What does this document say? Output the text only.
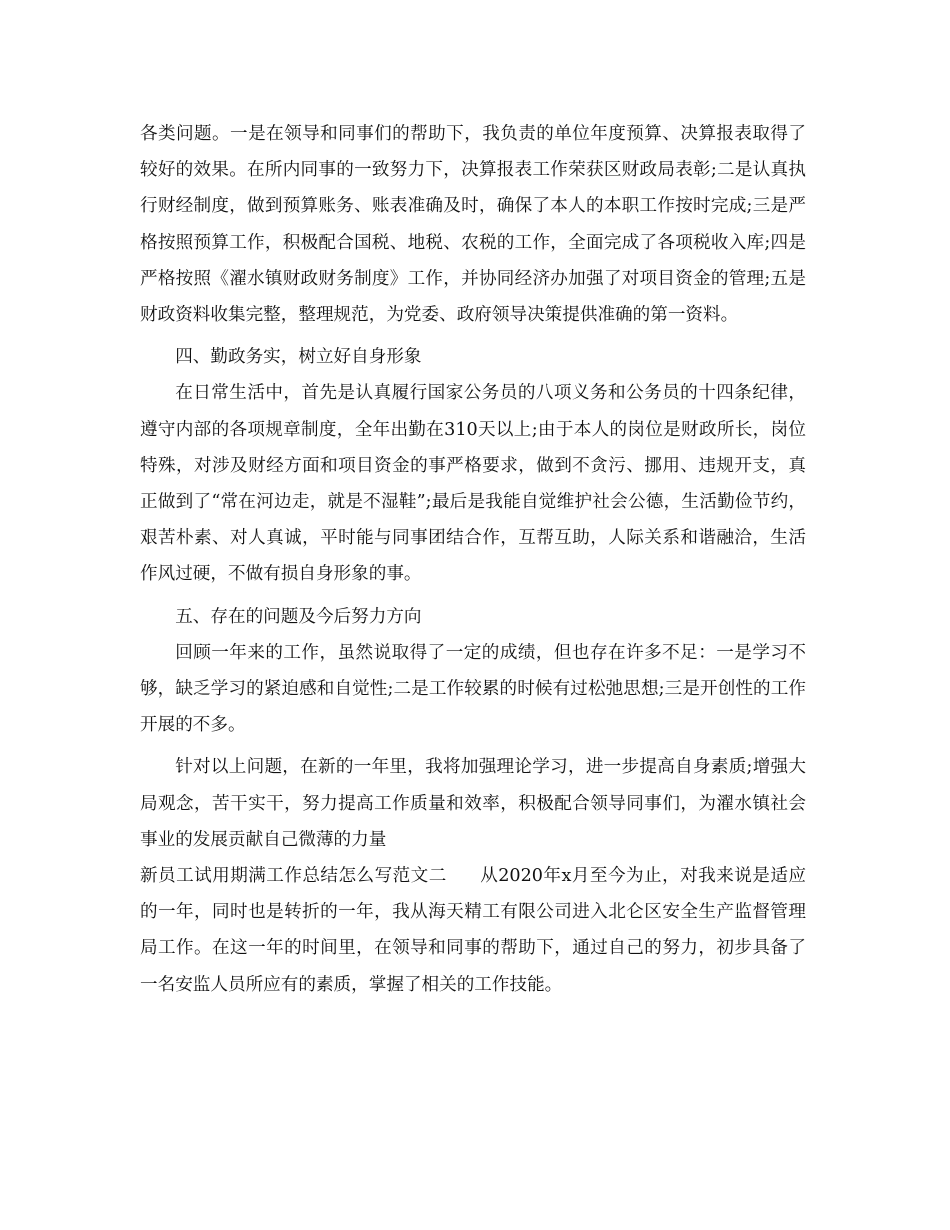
各类问题。一是在领导和同事们的帮助下，我负责的单位年度预算、决算报表取得了较好的效果。在所内同事的一致努力下，决算报表工作荣获区财政局表彰;二是认真执行财经制度，做到预算账务、账表准确及时，确保了本人的本职工作按时完成;三是严格按照预算工作，积极配合国税、地税、农税的工作，全面完成了各项税收入库;四是严格按照《濯水镇财政财务制度》工作，并协同经济办加强了对项目资金的管理;五是财政资料收集完整，整理规范，为党委、政府领导决策提供准确的第一资料。

四、勤政务实，树立好自身形象

在日常生活中，首先是认真履行国家公务员的八项义务和公务员的十四条纪律，遵守内部的各项规章制度，全年出勤在310天以上;由于本人的岗位是财政所长，岗位特殊，对涉及财经方面和项目资金的事严格要求，做到不贪污、挪用、违规开支，真正做到了“常在河边走，就是不湿鞋”;最后是我能自觉维护社会公德，生活勤俭节约，艰苦朴素、对人真诚，平时能与同事团结合作，互帮互助，人际关系和谐融洽，生活作风过硬，不做有损自身形象的事。

五、存在的问题及今后努力方向

回顾一年来的工作，虽然说取得了一定的成绩，但也存在许多不足：一是学习不够，缺乏学习的紧迫感和自觉性;二是工作较累的时候有过松弛思想;三是开创性的工作开展的不多。

针对以上问题，在新的一年里，我将加强理论学习，进一步提高自身素质;增强大局观念，苦干实干，努力提高工作质量和效率，积极配合领导同事们，为濯水镇社会事业的发展贡献自己微薄的力量

新员工试用期满工作总结怎么写范文二 从2020年x月至今为止，对我来说是适应的一年，同时也是转折的一年，我从海天精工有限公司进入北仑区安全生产监督管理局工作。在这一年的时间里，在领导和同事的帮助下，通过自己的努力，初步具备了一名安监人员所应有的素质，掌握了相关的工作技能。
